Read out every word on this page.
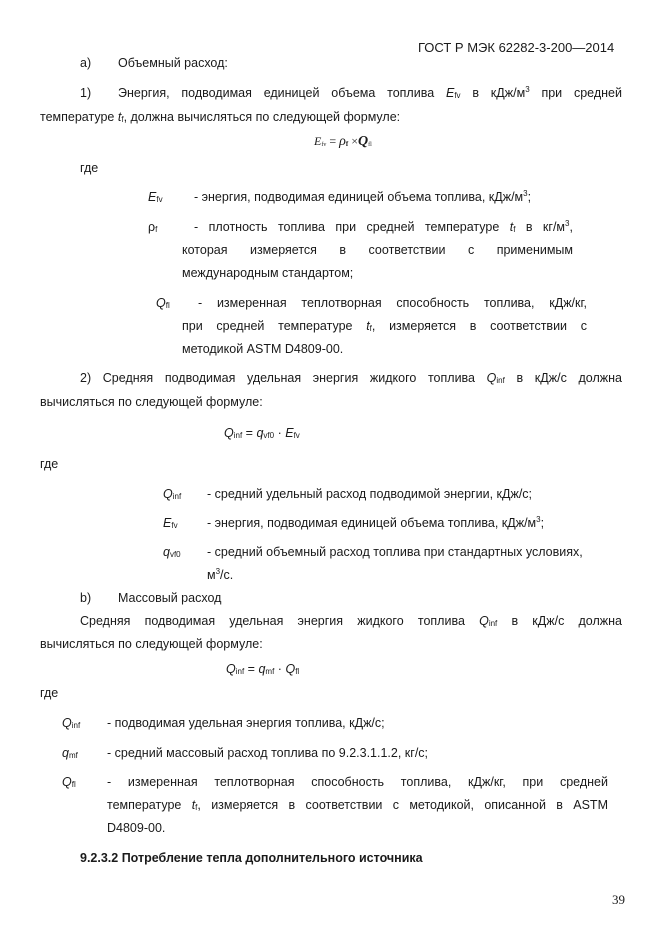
ГОСТ Р МЭК 62282-3-200—2014
а) Объемный расход:
1) Энергия, подводимая единицей объема топлива Efv в кДж/$м^3$ при средней
температуре tf, должна вычисляться по следующей формуле:
Efv = ρf ×Qfl
где
Efv	- энергия, подводимая единицей объема топлива, кДж/$м^3$;
ρf	- плотность топлива при средней температуре tf в $кг/м^3$,
которая измеряется в соответствии с применимым
международным стандартом;
Qfl - измеренная теплотворная способность топлива, кДж/кг,
при средней температуре tf, измеряется в соответствии с
методикой ASTM D4809-00.
2) Средняя подводимая удельная энергия жидкого топлива Qinf в кДж/с должна
вычисляться по следующей формуле:
Qinf = qvf0 · Efv
где
Qinf - средний удельный расход подводимой энергии, кДж/с;
Efv - энергия, подводимая единицей объема топлива, кДж/$м^3$;
qvf0 - средний объемный расход топлива при стандартных условиях,
$м^3/с$.
b) Массовый расход
Средняя подводимая удельная энергия жидкого топлива Qinf в кДж/с должна
вычисляться по следующей формуле:
Qinf = qmf · Qfl
где
Qinf - подводимая удельная энергия топлива, кДж/с;
qmf - средний массовый расход топлива по 9.2.3.1.1.2, кг/с;
Qfl	- измеренная теплотворная способность топлива, кДж/кг, при средней
температуре tf, измеряется в соответствии с методикой, описанной в ASTM
D4809-00.
9.2.3.2 Потребление тепла дополнительного источника
39
